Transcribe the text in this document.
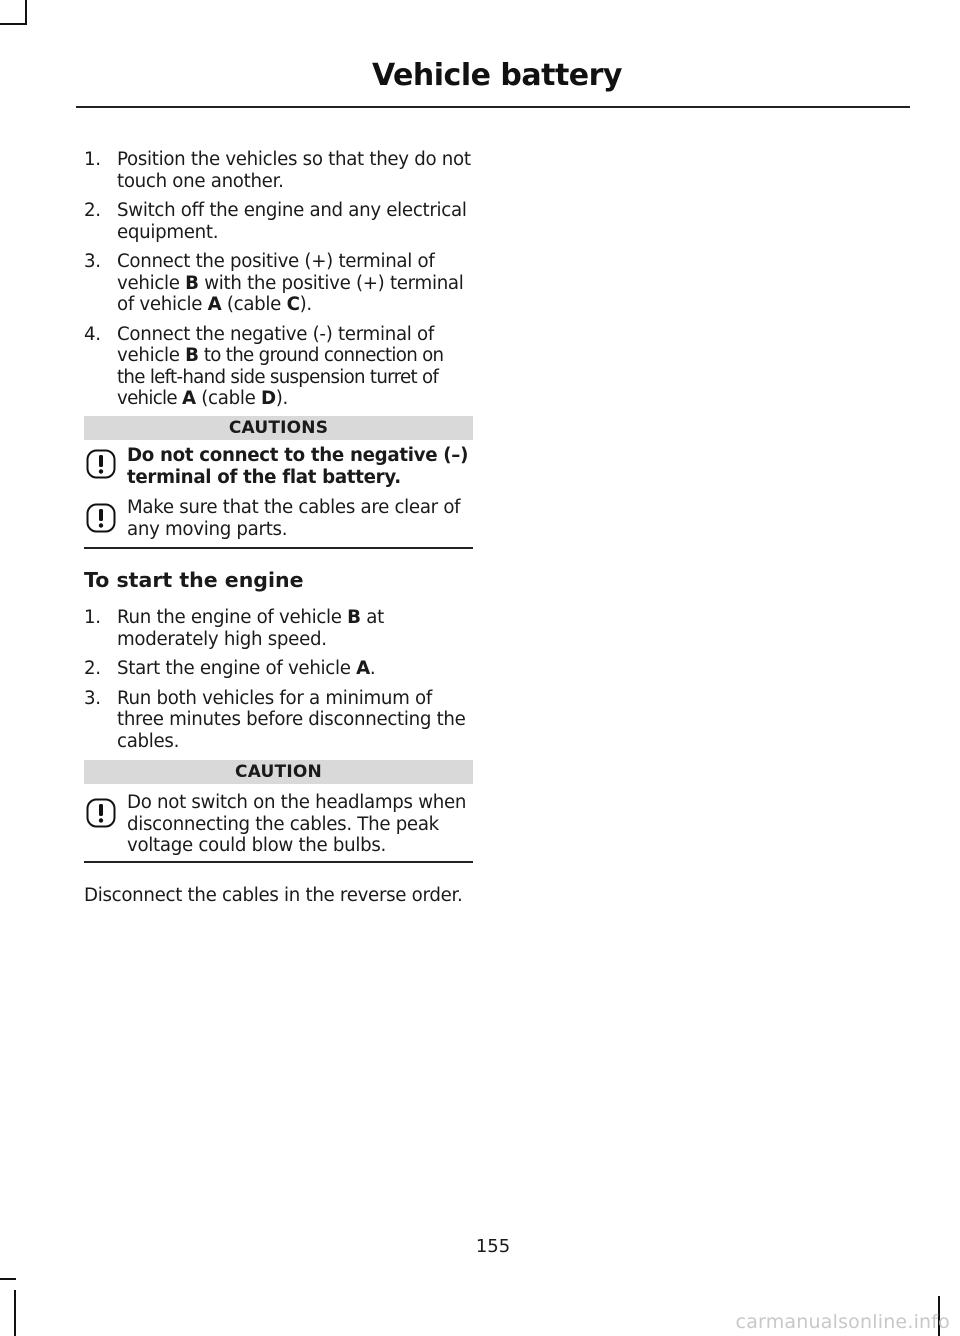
Vehicle battery
1. Position the vehicles so that they do not touch one another.
2. Switch off the engine and any electrical equipment.
3. Connect the positive (+) terminal of vehicle B with the positive (+) terminal of vehicle A (cable C).
4. Connect the negative (-) terminal of vehicle B to the ground connection on the left-hand side suspension turret of vehicle A (cable D).
CAUTIONS
Do not connect to the negative (–) terminal of the flat battery.
Make sure that the cables are clear of any moving parts.
To start the engine
1. Run the engine of vehicle B at moderately high speed.
2. Start the engine of vehicle A.
3. Run both vehicles for a minimum of three minutes before disconnecting the cables.
CAUTION
Do not switch on the headlamps when disconnecting the cables. The peak voltage could blow the bulbs.
Disconnect the cables in the reverse order.
155
carmanualsonline.info
